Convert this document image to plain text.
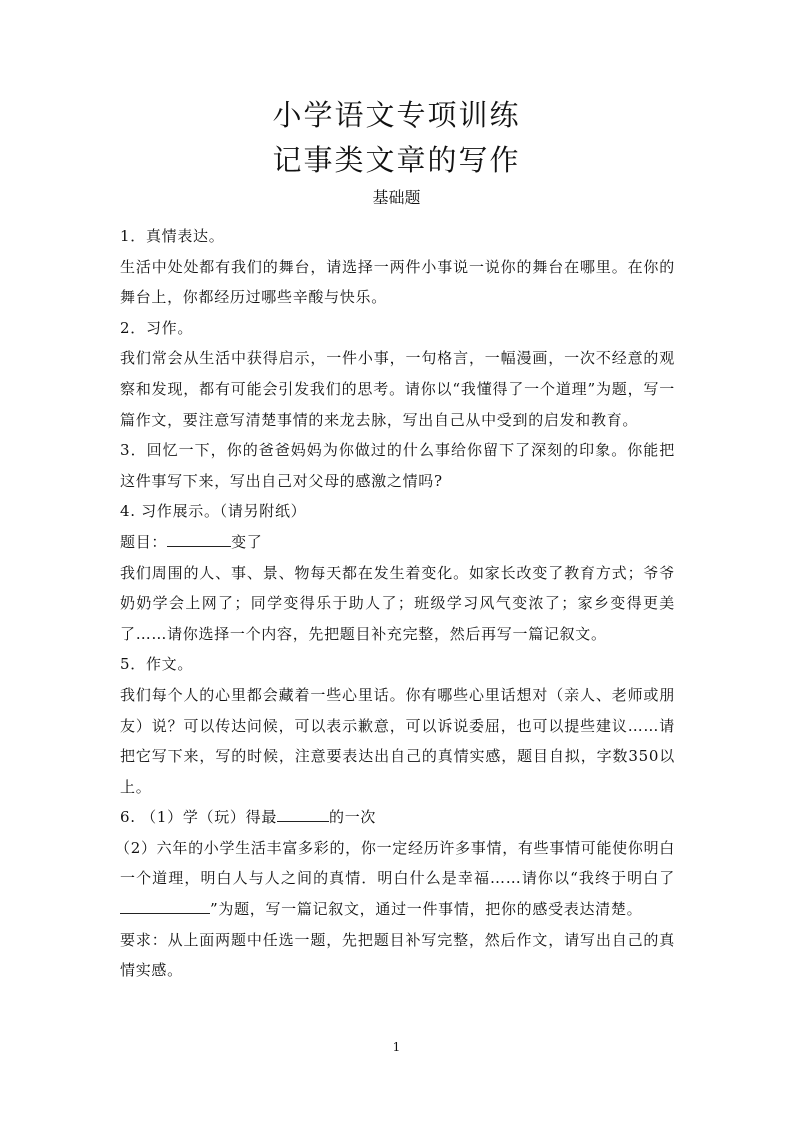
小学语文专项训练
记事类文章的写作
基础题

1．真情表达。

生活中处处都有我们的舞台，请选择一两件小事说一说你的舞台在哪里。在你的舞台上，你都经历过哪些辛酸与快乐。

2．习作。

我们常会从生活中获得启示，一件小事，一句格言，一幅漫画，一次不经意的观察和发现，都有可能会引发我们的思考。请你以“我懂得了一个道理”为题，写一篇作文，要注意写清楚事情的来龙去脉，写出自己从中受到的启发和教育。

3．回忆一下，你的爸爸妈妈为你做过的什么事给你留下了深刻的印象。你能把这件事写下来，写出自己对父母的感激之情吗?

4. 习作展示。（请另附纸）

题目：	变了

我们周围的人、事、景、物每天都在发生着变化。如家长改变了教育方式；爷爷奶奶学会上网了；同学变得乐于助人了；班级学习风气变浓了；家乡变得更美了……请你选择一个内容，先把题目补充完整，然后再写一篇记叙文。

5．作文。

我们每个人的心里都会藏着一些心里话。你有哪些心里话想对（亲人、老师或朋友）说？可以传达问候，可以表示歉意，可以诉说委屈，也可以提些建议……请把它写下来，写的时候，注意要表达出自己的真情实感，题目自拟，字数350以上。

6. （1）学（玩）得最	的一次

（2）六年的小学生活丰富多彩的，你一定经历许多事情，有些事情可能使你明白一个道理，明白人与人之间的真情．明白什么是幸福……请你以“我终于明白了”为题，写一篇记叙文，通过一件事情，把你的感受表达清楚。

要求：从上面两题中任选一题，先把题目补写完整，然后作文，请写出自己的真情实感。

1
